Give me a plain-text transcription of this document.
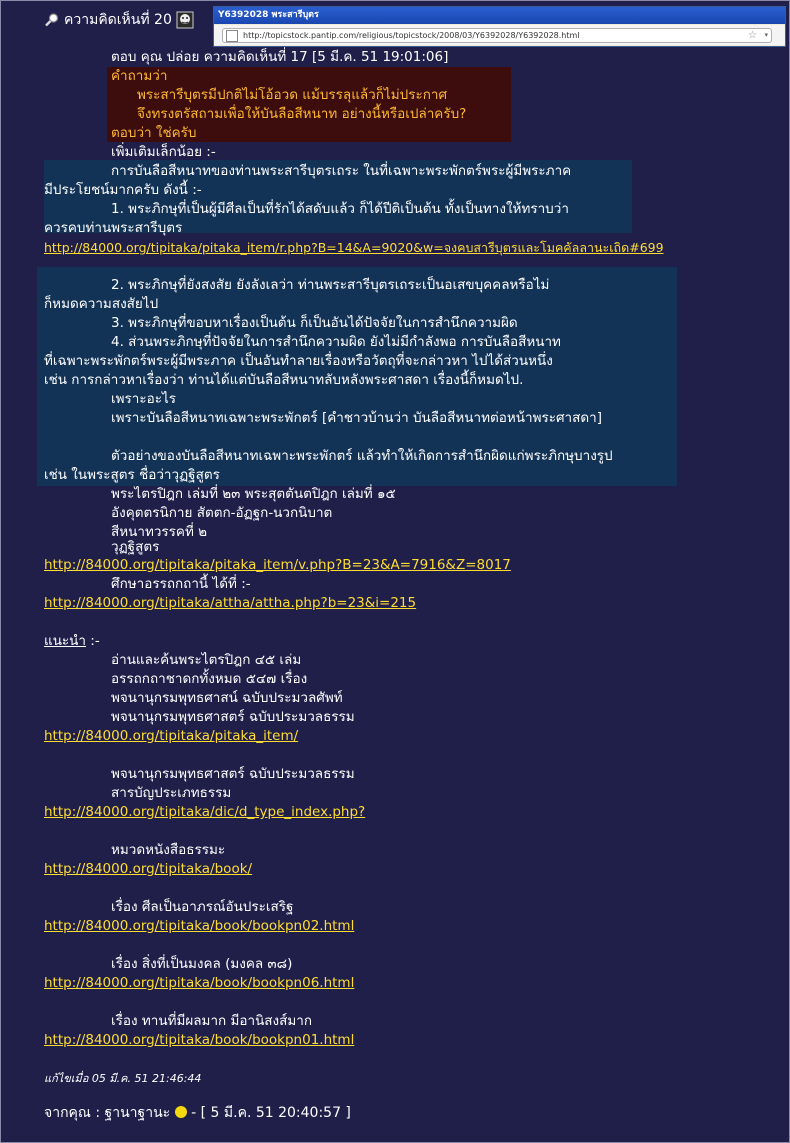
ความคิดเห็นที่ 20	Y6392028 พระสารีบุตร
http://topicstock.pantip.com/religious/topicstock/2008/03/Y6392028/Y6392028.html	☆ ▾
ตอบ คุณ ปล่อย ความคิดเห็นที่ 17 [5 มี.ค. 51 19:01:06]
คำถามว่า
พระสารีบุตรมีปกติไม่โอ้อวด แม้บรรลุแล้วก็ไม่ประกาศ
จึงทรงตรัสถามเพื่อให้บันลือสีหนาท อย่างนี้หรือเปล่าครับ?
ตอบว่า ใช่ครับ
เพิ่มเติมเล็กน้อย :-
การบันลือสีหนาทของท่านพระสารีบุตรเถระ ในที่เฉพาะพระพักตร์พระผู้มีพระภาค
มีประโยชน์มากครับ ดังนี้ :-
1. พระภิกษุที่เป็นผู้มีศีลเป็นที่รักได้สดับแล้ว ก็ได้ปีติเป็นต้น ทั้งเป็นทางให้ทราบว่า
ควรคบท่านพระสารีบุตร
http://84000.org/tipitaka/pitaka_item/r.php?B=14&A=9020&w=จงคบสารีบุตรและโมคคัลลานะเถิด#699
2. พระภิกษุที่ยังสงสัย ยังลังเลว่า ท่านพระสารีบุตรเถระเป็นอเสขบุคคลหรือไม่
ก็หมดความสงสัยไป
3. พระภิกษุที่ขอบหาเรื่องเป็นต้น ก็เป็นอันได้ปัจจัยในการสำนึกความผิด
4. ส่วนพระภิกษุที่ปัจจัยในการสำนึกความผิด ยังไม่มีกำลังพอ การบันลือสีหนาท
ที่เฉพาะพระพักตร์พระผู้มีพระภาค เป็นอันทำลายเรื่องหรือวัตถุที่จะกล่าวหา ไปได้ส่วนหนึ่ง
เช่น การกล่าวหาเรื่องว่า ท่านได้แต่บันลือสีหนาทลับหลังพระศาสดา เรื่องนี้ก็หมดไป.
เพราะอะไร
เพราะบันลือสีหนาทเฉพาะพระพักตร์ [คำชาวบ้านว่า บันลือสีหนาทต่อหน้าพระศาสดา]
ตัวอย่างของบันลือสีหนาทเฉพาะพระพักตร์ แล้วทำให้เกิดการสำนึกผิดแก่พระภิกษุบางรูป
เช่น ในพระสูตร ชื่อว่าวุฏฐิสูตร
พระไตรปิฎก เล่มที่ ๒๓ พระสุตตันตปิฎก เล่มที่ ๑๕
อังคุตตรนิกาย สัตตก-อัฏฐก-นวกนิบาต
สีหนาทวรรคที่ ๒
วุฏฐิสูตร
http://84000.org/tipitaka/pitaka_item/v.php?B=23&A=7916&Z=8017
ศึกษาอรรถกถานี้ ได้ที่ :-
http://84000.org/tipitaka/attha/attha.php?b=23&i=215
แนะนำ :-
อ่านและค้นพระไตรปิฎก ๔๕ เล่ม
อรรถกถาชาดกทั้งหมด ๕๔๗ เรื่อง
พจนานุกรมพุทธศาสน์ ฉบับประมวลศัพท์
พจนานุกรมพุทธศาสตร์ ฉบับประมวลธรรม
http://84000.org/tipitaka/pitaka_item/
พจนานุกรมพุทธศาสตร์ ฉบับประมวลธรรม
สารบัญประเภทธรรม
http://84000.org/tipitaka/dic/d_type_index.php?
หมวดหนังสือธรรมะ
http://84000.org/tipitaka/book/
เรื่อง ศีลเป็นอาภรณ์อันประเสริฐ
http://84000.org/tipitaka/book/bookpn02.html
เรื่อง สิ่งที่เป็นมงคล (มงคล ๓๘)
http://84000.org/tipitaka/book/bookpn06.html
เรื่อง ทานที่มีผลมาก มีอานิสงส์มาก
http://84000.org/tipitaka/book/bookpn01.html
แก้ไขเมื่อ 05 มี.ค. 51 21:46:44
จากคุณ : ฐานาฐานะ  - [ 5 มี.ค. 51 20:40:57 ]
